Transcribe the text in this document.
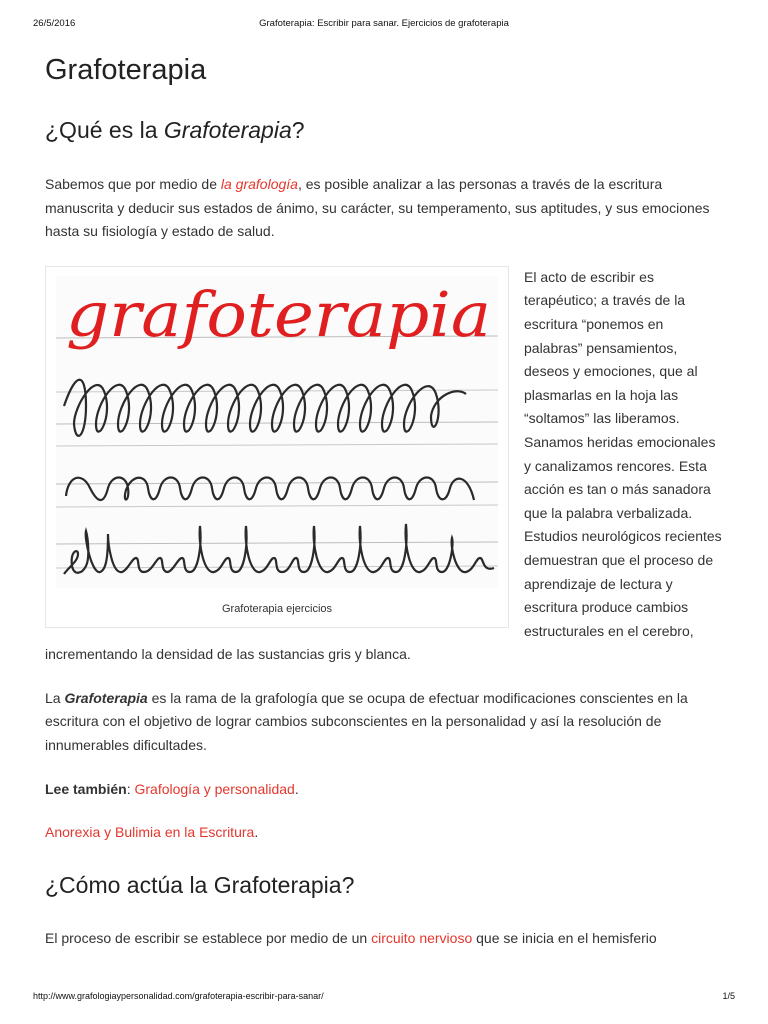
26/5/2016	Grafoterapia: Escribir para sanar. Ejercicios de grafoterapia
Grafoterapia
¿Qué es la Grafoterapia?

Sabemos que por medio de la grafología, es posible analizar a las personas a través de la escritura manuscrita y deducir sus estados de ánimo, su carácter, su temperamento, sus aptitudes, y sus emociones hasta su fisiología y estado de salud.

grafoterapia
Grafoterapia ejercicios

El acto de escribir es terapéutico; a través de la escritura “ponemos en palabras” pensamientos, deseos y emociones, que al plasmarlas en la hoja las “soltamos” las liberamos. Sanamos heridas emocionales y canalizamos rencores. Esta acción es tan o más sanadora que la palabra verbalizada. Estudios neurológicos recientes demuestran que el proceso de aprendizaje de lectura y escritura produce cambios estructurales en el cerebro, incrementando la densidad de las sustancias gris y blanca.

La Grafoterapia es la rama de la grafología que se ocupa de efectuar modificaciones conscientes en la escritura con el objetivo de lograr cambios subconscientes en la personalidad y así la resolución de innumerables dificultades.

Lee también: Grafología y personalidad.

Anorexia y Bulimia en la Escritura.

¿Cómo actúa la Grafoterapia?

El proceso de escribir se establece por medio de un circuito nervioso que se inicia en el hemisferio

http://www.grafologiaypersonalidad.com/grafoterapia-escribir-para-sanar/	1/5
